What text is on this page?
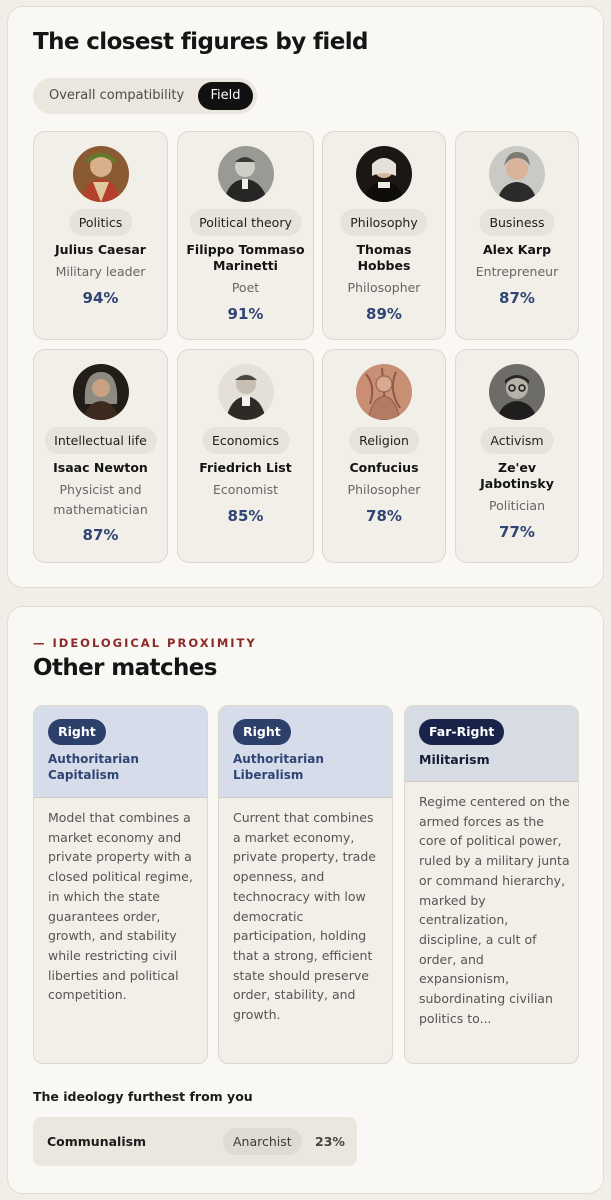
The closest figures by field
Overall compatibility	Field
Politics
Julius Caesar
Military leader
94%
Political theory
Filippo Tommaso Marinetti
Poet
91%
Philosophy
Thomas Hobbes
Philosopher
89%
Business
Alex Karp
Entrepreneur
87%
Intellectual life
Isaac Newton
Physicist and mathematician
87%
Economics
Friedrich List
Economist
85%
Religion
Confucius
Philosopher
78%
Activism
Ze'ev Jabotinsky
Politician
77%
— IDEOLOGICAL PROXIMITY
Other matches
Right
Authoritarian Capitalism
Model that combines a market economy and private property with a closed political regime, in which the state guarantees order, growth, and stability while restricting civil liberties and political competition.
Right
Authoritarian Liberalism
Current that combines a market economy, private property, trade openness, and technocracy with low democratic participation, holding that a strong, efficient state should preserve order, stability, and growth.
Far-Right
Militarism
Regime centered on the armed forces as the core of political power, ruled by a military junta or command hierarchy, marked by centralization, discipline, a cult of order, and expansionism, subordinating civilian politics to...
The ideology furthest from you
Communalism	Anarchist	23%
